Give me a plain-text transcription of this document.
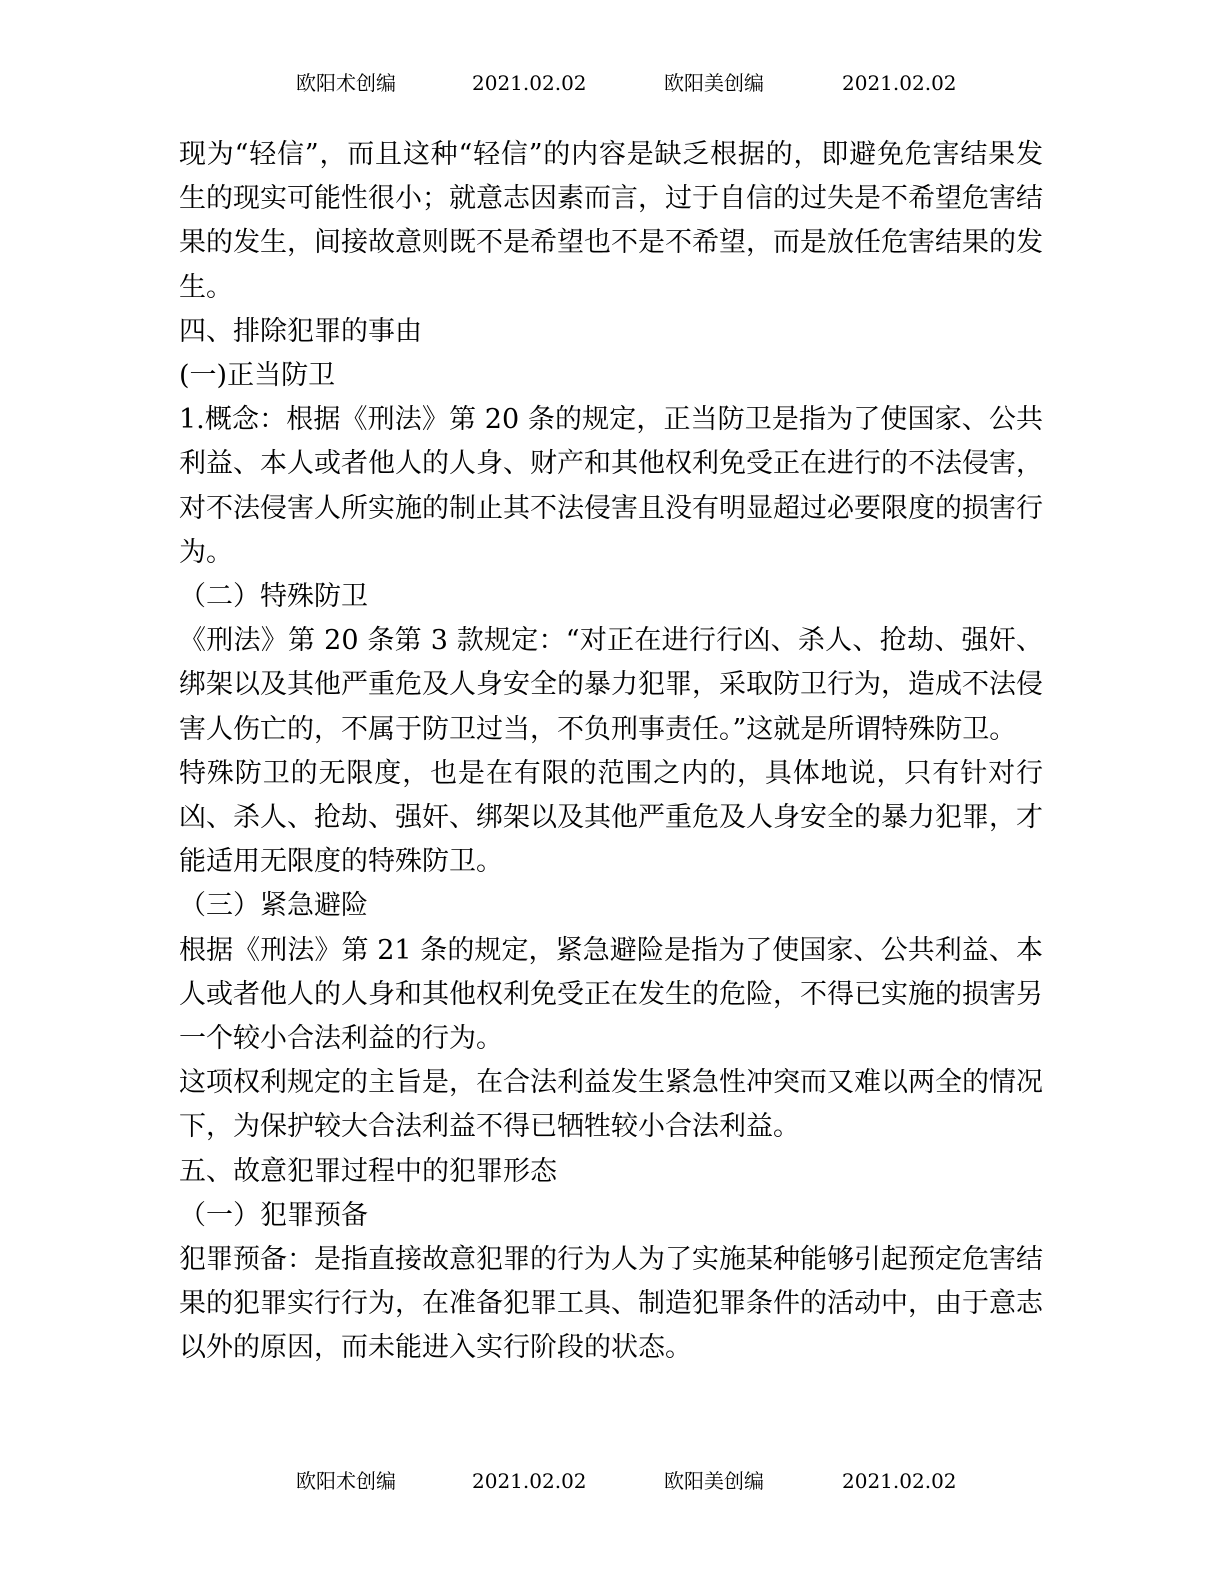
欧阳术创编	2021.02.02	欧阳美创编	2021.02.02

现为“轻信”，而且这种“轻信”的内容是缺乏根据的，即避免危害结果发生的现实可能性很小；就意志因素而言，过于自信的过失是不希望危害结果的发生，间接故意则既不是希望也不是不希望，而是放任危害结果的发生。

四、排除犯罪的事由

(一)正当防卫

1.概念：根据《刑法》第 20 条的规定，正当防卫是指为了使国家、公共利益、本人或者他人的人身、财产和其他权利免受正在进行的不法侵害，对不法侵害人所实施的制止其不法侵害且没有明显超过必要限度的损害行为。

（二）特殊防卫

《刑法》第 20 条第 3 款规定：“对正在进行行凶、杀人、抢劫、强奸、绑架以及其他严重危及人身安全的暴力犯罪，采取防卫行为，造成不法侵害人伤亡的，不属于防卫过当，不负刑事责任。”这就是所谓特殊防卫。

特殊防卫的无限度，也是在有限的范围之内的，具体地说，只有针对行凶、杀人、抢劫、强奸、绑架以及其他严重危及人身安全的暴力犯罪，才能适用无限度的特殊防卫。

（三）紧急避险

根据《刑法》第 21 条的规定，紧急避险是指为了使国家、公共利益、本人或者他人的人身和其他权利免受正在发生的危险，不得已实施的损害另一个较小合法利益的行为。

这项权利规定的主旨是，在合法利益发生紧急性冲突而又难以两全的情况下，为保护较大合法利益不得已牺牲较小合法利益。

五、故意犯罪过程中的犯罪形态

（一）犯罪预备

犯罪预备：是指直接故意犯罪的行为人为了实施某种能够引起预定危害结果的犯罪实行行为，在准备犯罪工具、制造犯罪条件的活动中，由于意志以外的原因，而未能进入实行阶段的状态。

欧阳术创编	2021.02.02	欧阳美创编	2021.02.02
